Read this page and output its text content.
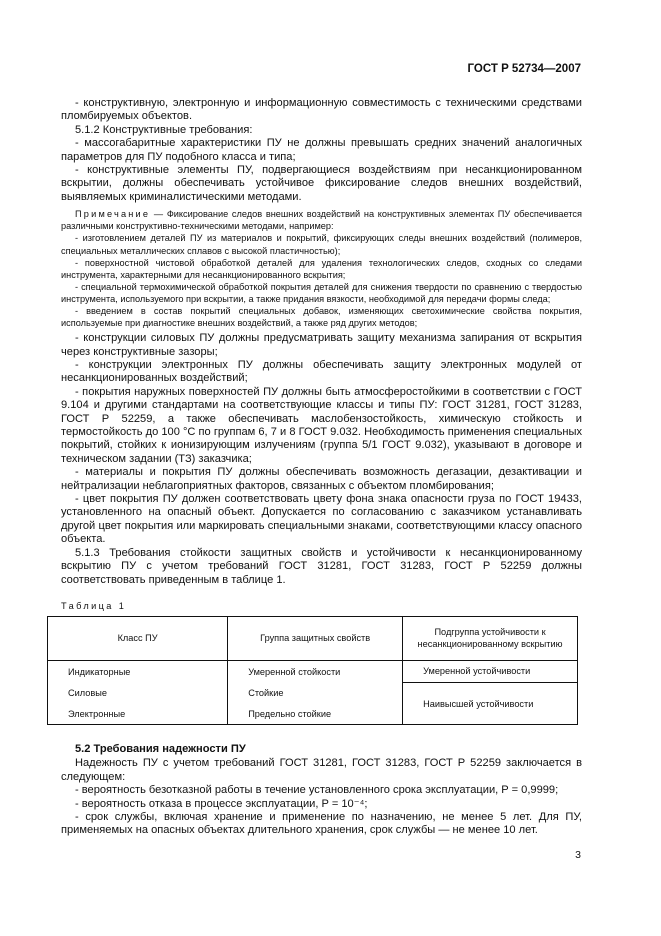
ГОСТ Р 52734—2007

- конструктивную, электронную и информационную совместимость с техническими средствами пломбируемых объектов.

5.1.2 Конструктивные требования:

- массогабаритные характеристики ПУ не должны превышать средних значений аналогичных параметров для ПУ подобного класса и типа;

- конструктивные элементы ПУ, подвергающиеся воздействиям при несанкционированном вскрытии, должны обеспечивать устойчивое фиксирование следов внешних воздействий, выявляемых криминалистическими методами.

Примечание — Фиксирование следов внешних воздействий на конструктивных элементах ПУ обеспечивается различными конструктивно-техническими методами, например:

- изготовлением деталей ПУ из материалов и покрытий, фиксирующих следы внешних воздействий (полимеров, специальных металлических сплавов с высокой пластичностью);

- поверхностной чистовой обработкой деталей для удаления технологических следов, сходных со следами инструмента, характерными для несанкционированного вскрытия;

- специальной термохимической обработкой покрытия деталей для снижения твердости по сравнению с твердостью инструмента, используемого при вскрытии, а также придания вязкости, необходимой для передачи формы следа;

- введением в состав покрытий специальных добавок, изменяющих светохимические свойства покрытия, используемые при диагностике внешних воздействий, а также ряд других методов;

- конструкции силовых ПУ должны предусматривать защиту механизма запирания от вскрытия через конструктивные зазоры;

- конструкции электронных ПУ должны обеспечивать защиту электронных модулей от несанкционированных воздействий;

- покрытия наружных поверхностей ПУ должны быть атмосферостойкими в соответствии с ГОСТ 9.104 и другими стандартами на соответствующие классы и типы ПУ: ГОСТ 31281, ГОСТ 31283, ГОСТ Р 52259, а также обеспечивать маслобензостойкость, химическую стойкость и термостойкость до 100 °С по группам 6, 7 и 8 ГОСТ 9.032. Необходимость применения специальных покрытий, стойких к ионизирующим излучениям (группа 5/1 ГОСТ 9.032), указывают в договоре и техническом задании (ТЗ) заказчика;

- материалы и покрытия ПУ должны обеспечивать возможность дегазации, дезактивации и нейтрализации неблагоприятных факторов, связанных с объектом пломбирования;

- цвет покрытия ПУ должен соответствовать цвету фона знака опасности груза по ГОСТ 19433, установленного на опасный объект. Допускается по согласованию с заказчиком устанавливать другой цвет покрытия или маркировать специальными знаками, соответствующими классу опасного объекта.

5.1.3 Требования стойкости защитных свойств и устойчивости к несанкционированному вскрытию ПУ с учетом требований ГОСТ 31281, ГОСТ 31283, ГОСТ Р 52259 должны соответствовать приведенным в таблице 1.

Таблица 1
Класс ПУ	Группа защитных свойств	Подгруппа устойчивости к несанкционированному вскрытию
Индикаторные	Умеренной стойкости	Умеренной устойчивости
Силовые	Стойкие	Наивысшей устойчивости
Электронные	Предельно стойкие	
5.2 Требования надежности ПУ

Надежность ПУ с учетом требований ГОСТ 31281, ГОСТ 31283, ГОСТ Р 52259 заключается в следующем:

- вероятность безотказной работы в течение установленного срока эксплуатации, P = 0,9999;

- вероятность отказа в процессе эксплуатации, P = 10⁻⁴;

- срок службы, включая хранение и применение по назначению, не менее 5 лет. Для ПУ, применяемых на опасных объектах длительного хранения, срок службы — не менее 10 лет.

3
